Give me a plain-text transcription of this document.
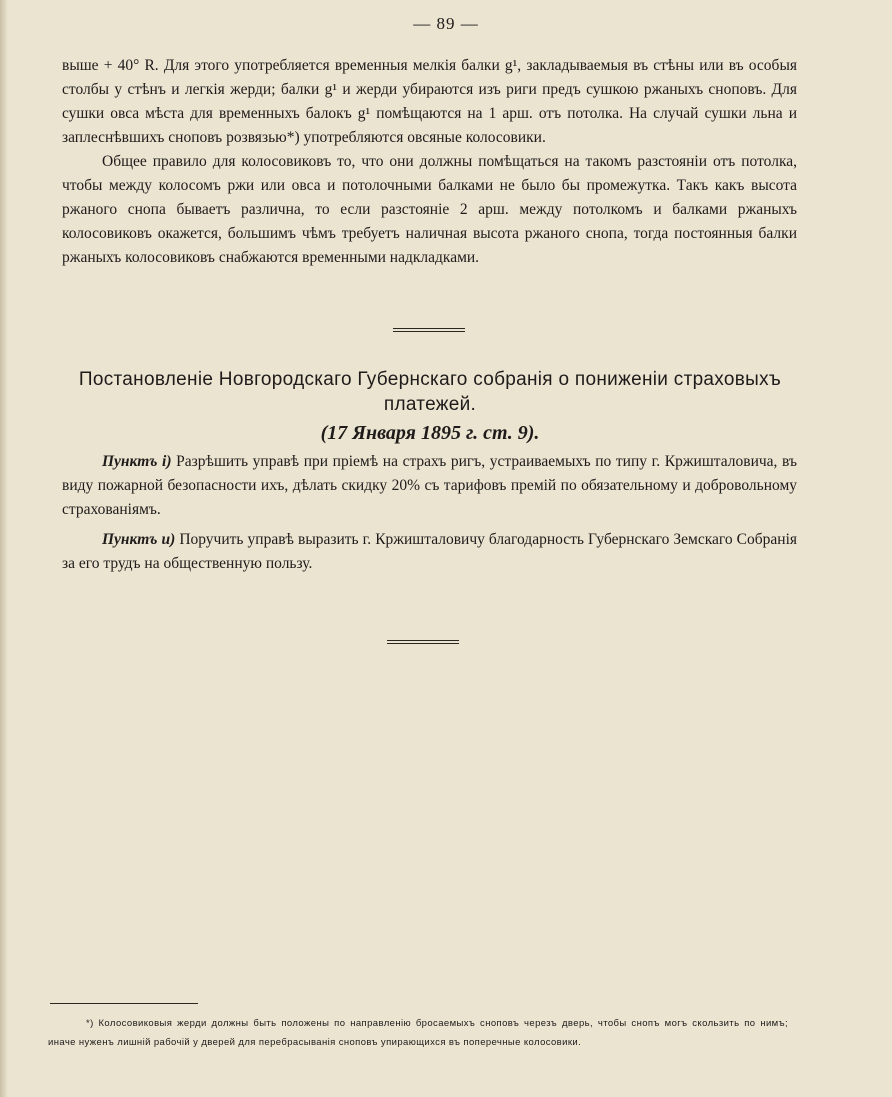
— 89 —

выше + 40° R. Для этого употребляется временныя мелкія балки g¹, закладываемыя въ стѣны или въ особыя столбы у стѣнъ и легкія жерди; балки g¹ и жерди убираются изъ риги предъ сушкою ржаныхъ сноповъ. Для сушки овса мѣста для временныхъ балокъ g¹ помѣщаются на 1 арш. отъ потолка. На случай сушки льна и заплеснѣвшихъ сноповъ розвязью*) употребляются овсяные колосовики.

Общее правило для колосовиковъ то, что они должны помѣщаться на такомъ разстояніи отъ потолка, чтобы между колосомъ ржи или овса и потолочными балками не было бы промежутка. Такъ какъ высота ржаного снопа бываетъ различна, то если разстояніе 2 арш. между потолкомъ и балками ржаныхъ колосовиковъ окажется, большимъ чѣмъ требуетъ наличная высота ржаного снопа, тогда постоянныя балки ржаныхъ колосовиковъ снабжаются временными надкладками.

Постановленіе Новгородскаго Губернскаго собранія о пониженіи страховыхъ платежей.
(17 Января 1895 г. ст. 9).

Пунктъ і) Разрѣшить управѣ при пріемѣ на страхъ ригъ, устраиваемыхъ по типу г. Кржишталовича, въ виду пожарной безопасности ихъ, дѣлать скидку 20% съ тарифовъ премій по обязательному и добровольному страхованіямъ.

Пунктъ и) Поручить управѣ выразить г. Кржишталовичу благодарность Губернскаго Земскаго Собранія за его трудъ на общественную пользу.

*) Колосовиковыя жерди должны быть положены по направленію бросаемыхъ сноповъ черезъ дверь, чтобы снопъ могъ скользить по нимъ; иначе нуженъ лишній рабочій у дверей для перебрасыванія сноповъ упирающихся въ поперечные колосовики.
